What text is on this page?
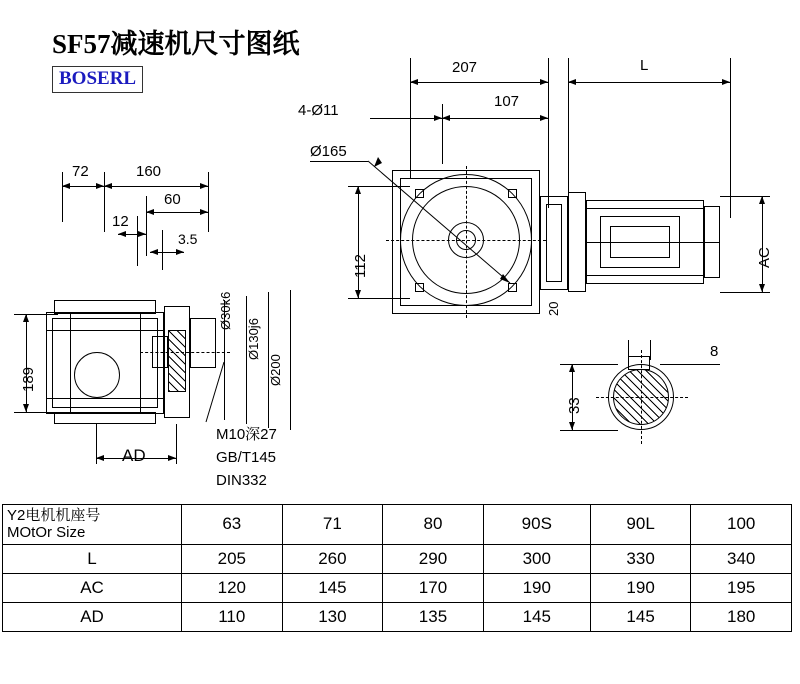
SF57减速机尺寸图纸
BOSERL
207	L
107
4-Ø11
Ø165
112
20
AC
72	160
60
12
3.5
189
Ø30k6
Ø130j6
Ø200
AD
M10深27
GB/T145
DIN332
8
33
Y2电机机座号
MOtOr Size	63	71	80	90S	90L	100
L	205	260	290	300	330	340
AC	120	145	170	190	190	195
AD	110	130	135	145	145	180
